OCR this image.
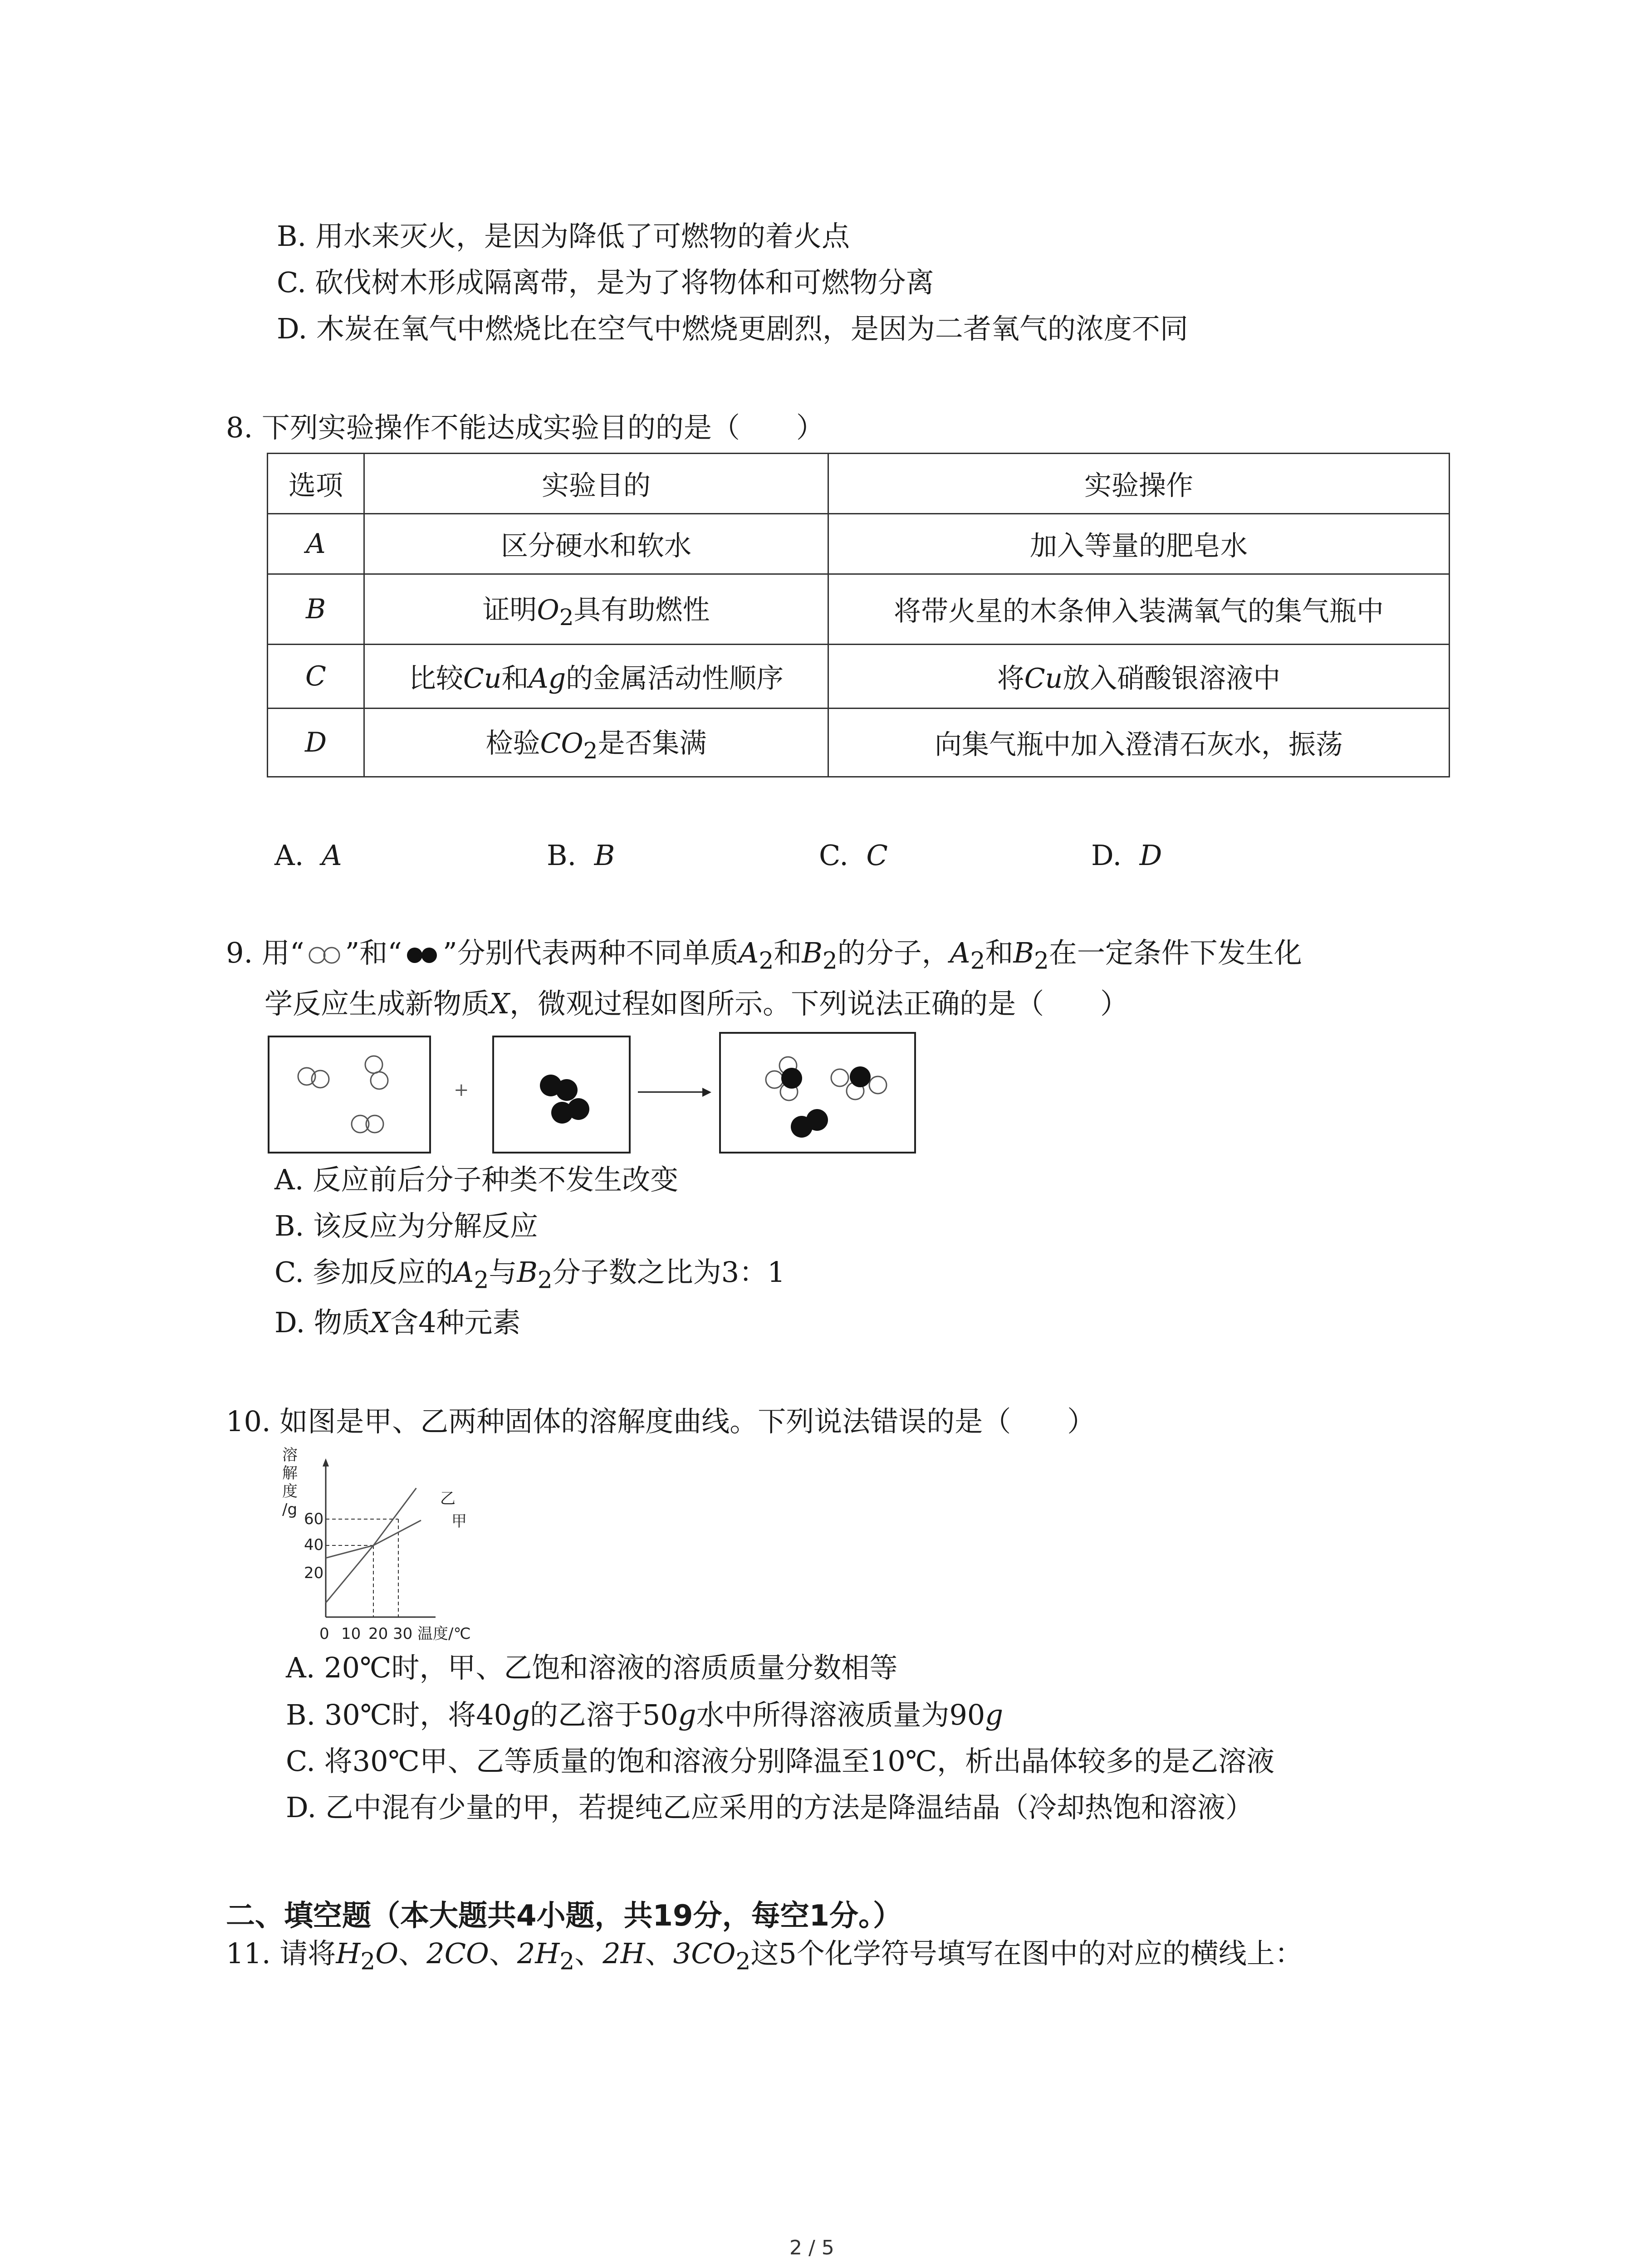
B. 用水来灭火，是因为降低了可燃物的着火点
C. 砍伐树木形成隔离带，是为了将物体和可燃物分离
D. 木炭在氧气中燃烧比在空气中燃烧更剧烈，是因为二者氧气的浓度不同
8. 下列实验操作不能达成实验目的的是（　　）
选项	实验目的	实验操作
A	区分硬水和软水	加入等量的肥皂水
B	证明$O_2$具有助燃性	将带火星的木条伸入装满氧气的集气瓶中
C	比较Cu和Ag的金属活动性顺序	将Cu放入硝酸银溶液中
D	检验$CO_2$是否集满	向集气瓶中加入澄清石灰水，振荡
A. A	B. B	C. C	D. D
9. 用“ ”和“ ”分别代表两种不同单质$A_2$和$B_2$的分子，$A_2$和$B_2$在一定条件下发生化
学反应生成新物质X，微观过程如图所示。下列说法正确的是（　　）
+
A. 反应前后分子种类不发生改变
B. 该反应为分解反应
C. 参加反应的$A_2$与$B_2$分子数之比为3：1
D. 物质X含4种元素
10. 如图是甲、乙两种固体的溶解度曲线。下列说法错误的是（　　）
溶
解
度
/g
60
40
20
0 10 20 30 温度/℃
乙
甲
A. 20℃时，甲、乙饱和溶液的溶质质量分数相等
B. 30℃时，将40g的乙溶于50g水中所得溶液质量为90g
C. 将30℃甲、乙等质量的饱和溶液分别降温至10℃，析出晶体较多的是乙溶液
D. 乙中混有少量的甲，若提纯乙应采用的方法是降温结晶（冷却热饱和溶液）
二、填空题（本大题共4小题，共19分，每空1分。）
11. 请将$H_2O$、2CO、$2H_2$、2H、$3CO_2$这5个化学符号填写在图中的对应的横线上：
2 / 5
